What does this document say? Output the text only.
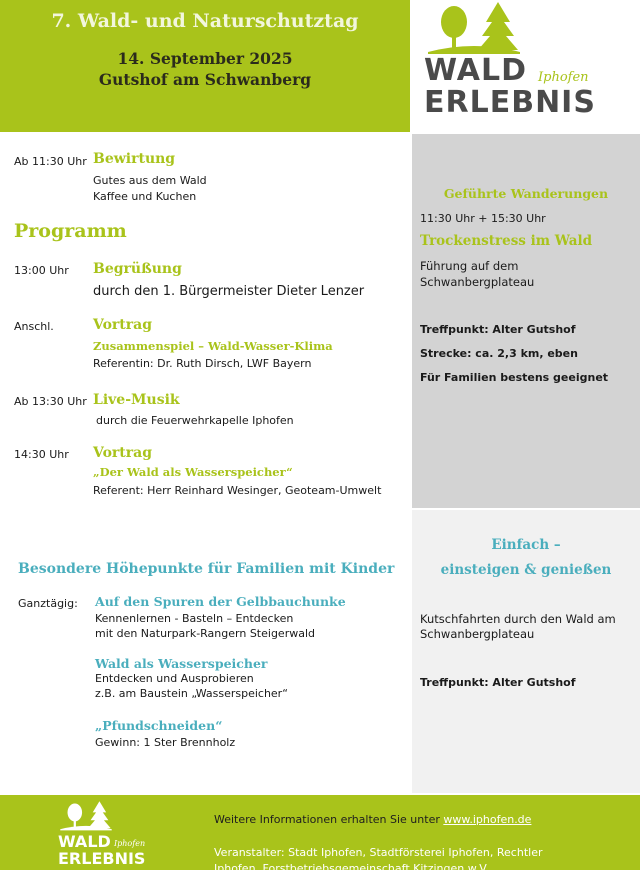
7. Wald- und Naturschutztag
14. September 2025
Gutshof am Schwanberg	WALD Iphofen
ERLEBNIS
Ab 11:30 Uhr Bewirtung
Gutes aus dem Wald
Kaffee und Kuchen
Programm
13:00 Uhr Begrüßung
durch den 1. Bürgermeister Dieter Lenzer
Anschl.	Vortrag
Zusammenspiel – Wald-Wasser-Klima
Referentin: Dr. Ruth Dirsch, LWF Bayern
Ab 13:30 Uhr Live-Musik
durch die Feuerwehrkapelle Iphofen
14:30 Uhr Vortrag
„Der Wald als Wasserspeicher“
Referent: Herr Reinhard Wesinger, Geoteam-Umwelt
Besondere Höhepunkte für Familien mit Kinder
Ganztägig: Auf den Spuren der Gelbbauchunke
Kennenlernen - Basteln – Entdecken
mit den Naturpark-Rangern Steigerwald
Wald als Wasserspeicher
Entdecken und Ausprobieren
z.B. am Baustein „Wasserspeicher“
„Pfundschneiden“
Gewinn: 1 Ster Brennholz
Geführte Wanderungen
11:30 Uhr + 15:30 Uhr
Trockenstress im Wald
Führung auf dem
Schwanbergplateau
Treffpunkt: Alter Gutshof
Strecke: ca. 2,3 km, eben
Für Familien bestens geeignet
Einfach –
einsteigen & genießen
Kutschfahrten durch den Wald am
Schwanbergplateau
Treffpunkt: Alter Gutshof
WALD Iphofen
ERLEBNIS
Weitere Informationen erhalten Sie unter www.iphofen.de
Veranstalter: Stadt Iphofen, Stadtförsterei Iphofen, Rechtler
Iphofen, Forstbetriebsgemeinschaft Kitzingen w.V.
